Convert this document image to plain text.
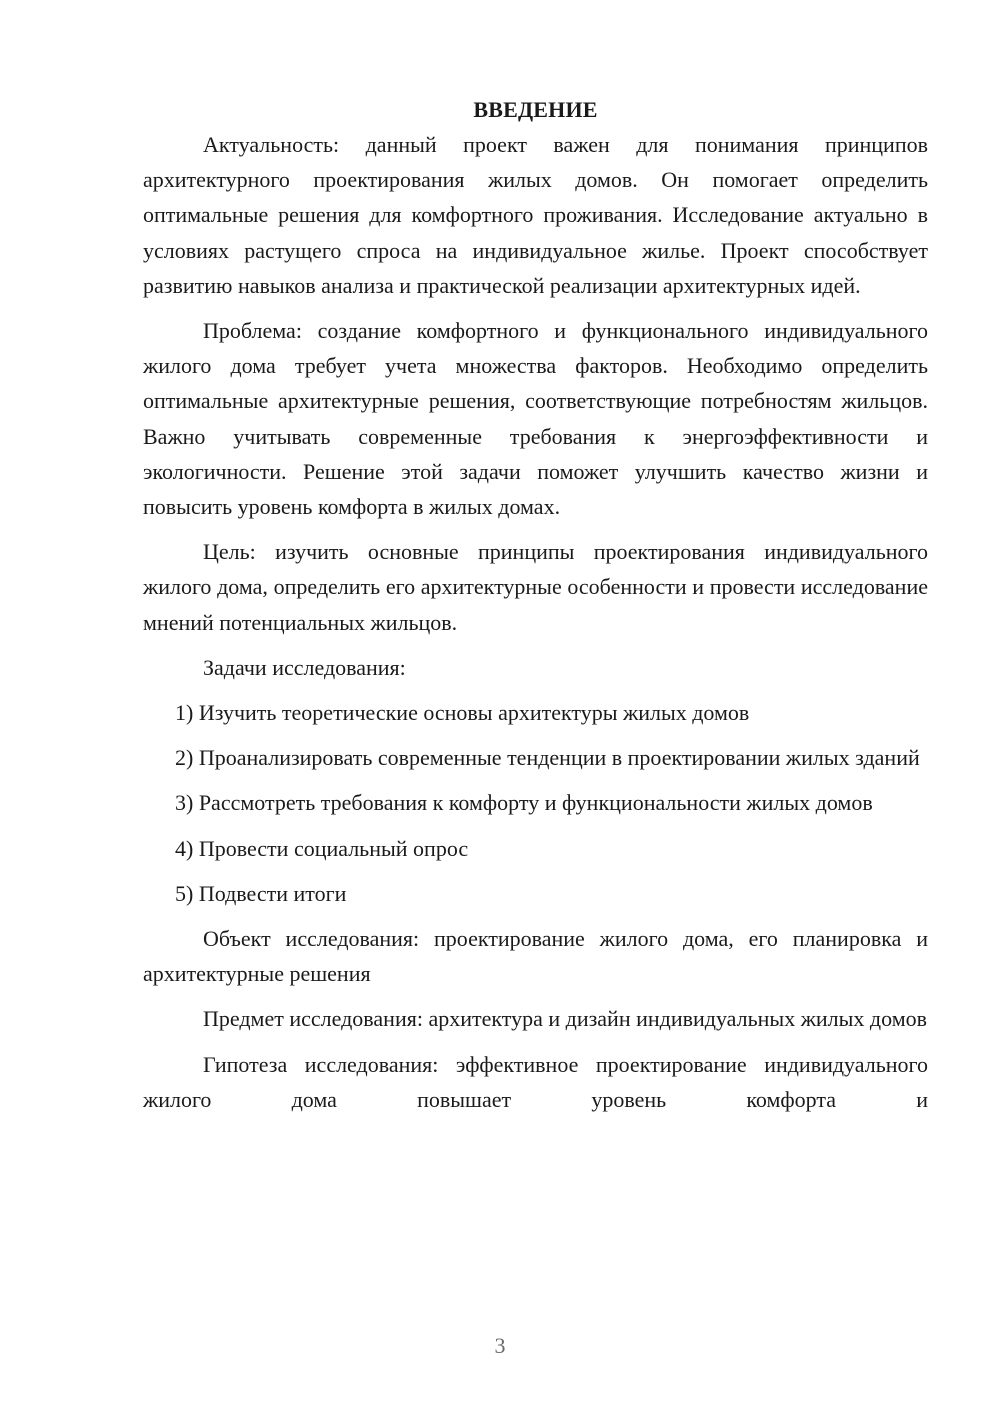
ВВЕДЕНИЕ

Актуальность: данный проект важен для понимания принципов архитектурного проектирования жилых домов. Он помогает определить оптимальные решения для комфортного проживания. Исследование актуально в условиях растущего спроса на индивидуальное жилье. Проект способствует развитию навыков анализа и практической реализации архитектурных идей.

Проблема: создание комфортного и функционального индивидуального жилого дома требует учета множества факторов. Необходимо определить оптимальные архитектурные решения, соответствующие потребностям жильцов. Важно учитывать современные требования к энергоэффективности и экологичности. Решение этой задачи поможет улучшить качество жизни и повысить уровень комфорта в жилых домах.

Цель: изучить основные принципы проектирования индивидуального жилого дома, определить его архитектурные особенности и провести исследование мнений потенциальных жильцов.

Задачи исследования:

1) Изучить теоретические основы архитектуры жилых домов

2) Проанализировать современные тенденции в проектировании жилых зданий

3) Рассмотреть требования к комфорту и функциональности жилых домов

4) Провести социальный опрос

5) Подвести итоги

Объект исследования: проектирование жилого дома, его планировка и архитектурные решения

Предмет исследования: архитектура и дизайн индивидуальных жилых домов

Гипотеза исследования: эффективное проектирование индивидуального жилого дома повышает уровень комфорта и

3
